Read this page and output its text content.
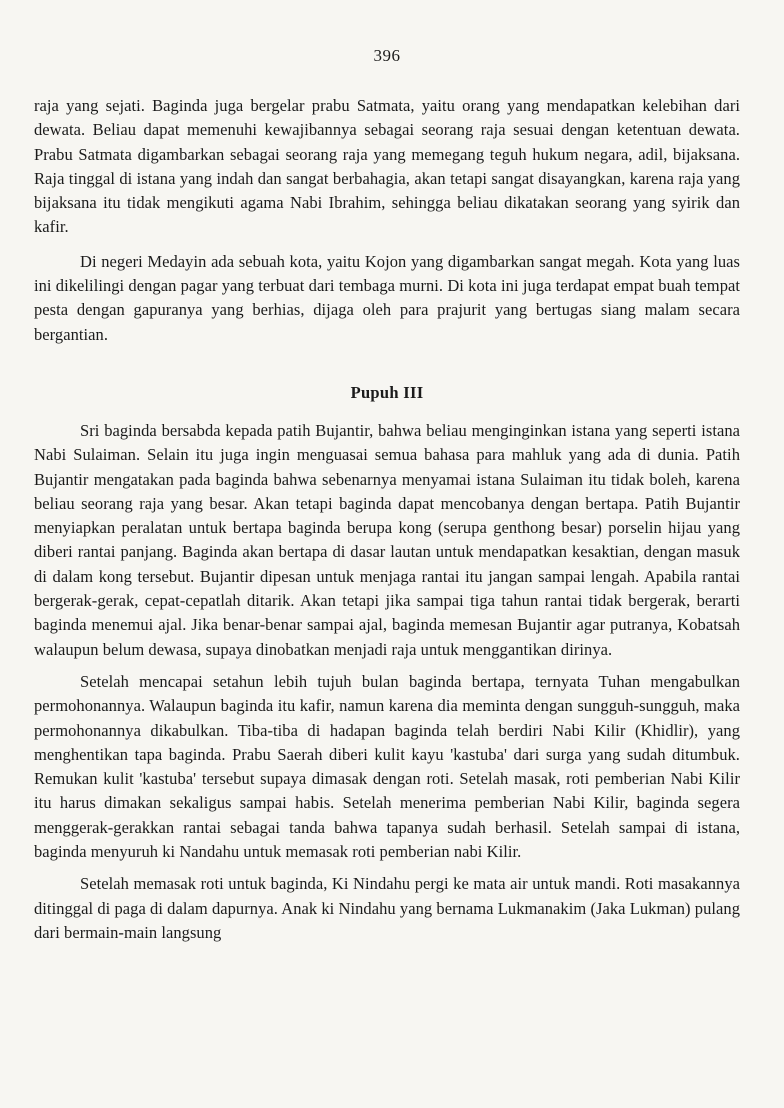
396

raja yang sejati. Baginda juga bergelar prabu Satmata, yaitu orang yang mendapatkan kelebihan dari dewata. Beliau dapat memenuhi kewajibannya sebagai seorang raja sesuai dengan ketentuan dewata. Prabu Satmata digambarkan sebagai seorang raja yang memegang teguh hukum negara, adil, bijaksana. Raja tinggal di istana yang indah dan sangat berbahagia, akan tetapi sangat disayangkan, karena raja yang bijaksana itu tidak mengikuti agama Nabi Ibrahim, sehingga beliau dikatakan seorang yang syirik dan kafir.

Di negeri Medayin ada sebuah kota, yaitu Kojon yang digambarkan sangat megah. Kota yang luas ini dikelilingi dengan pagar yang terbuat dari tembaga murni. Di kota ini juga terdapat empat buah tempat pesta dengan gapuranya yang berhias, dijaga oleh para prajurit yang bertugas siang malam secara bergantian.

Pupuh III

Sri baginda bersabda kepada patih Bujantir, bahwa beliau menginginkan istana yang seperti istana Nabi Sulaiman. Selain itu juga ingin menguasai semua bahasa para mahluk yang ada di dunia. Patih Bujantir mengatakan pada baginda bahwa sebenarnya menyamai istana Sulaiman itu tidak boleh, karena beliau seorang raja yang besar. Akan tetapi baginda dapat mencobanya dengan bertapa. Patih Bujantir menyiapkan peralatan untuk bertapa baginda berupa kong (serupa genthong besar) porselin hijau yang diberi rantai panjang. Baginda akan bertapa di dasar lautan untuk mendapatkan kesaktian, dengan masuk di dalam kong tersebut. Bujantir dipesan untuk menjaga rantai itu jangan sampai lengah. Apabila rantai bergerak-gerak, cepat-cepatlah ditarik. Akan tetapi jika sampai tiga tahun rantai tidak bergerak, berarti baginda menemui ajal. Jika benar-benar sampai ajal, baginda memesan Bujantir agar putranya, Kobatsah walaupun belum dewasa, supaya dinobatkan menjadi raja untuk menggantikan dirinya.

Setelah mencapai setahun lebih tujuh bulan baginda bertapa, ternyata Tuhan mengabulkan permohonannya. Walaupun baginda itu kafir, namun karena dia meminta dengan sungguh-sungguh, maka permohonannya dikabulkan. Tiba-tiba di hadapan baginda telah berdiri Nabi Kilir (Khidlir), yang menghentikan tapa baginda. Prabu Saerah diberi kulit kayu 'kastuba' dari surga yang sudah ditumbuk. Remukan kulit 'kastuba' tersebut supaya dimasak dengan roti. Setelah masak, roti pemberian Nabi Kilir itu harus dimakan sekaligus sampai habis. Setelah menerima pemberian Nabi Kilir, baginda segera menggerak-gerakkan rantai sebagai tanda bahwa tapanya sudah berhasil. Setelah sampai di istana, baginda menyuruh ki Nandahu untuk memasak roti pemberian nabi Kilir.

Setelah memasak roti untuk baginda, Ki Nindahu pergi ke mata air untuk mandi. Roti masakannya ditinggal di paga di dalam dapurnya. Anak ki Nindahu yang bernama Lukmanakim (Jaka Lukman) pulang dari bermain-main langsung
